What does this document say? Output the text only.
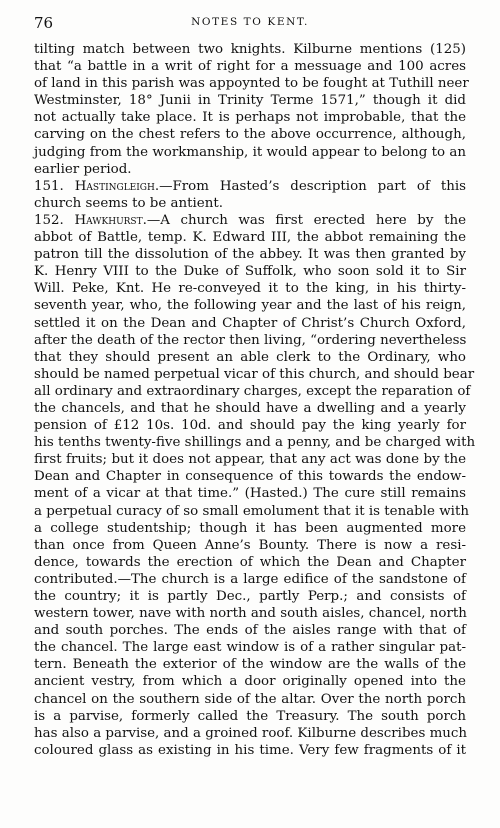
76	NOTES TO KENT.
tilting match between two knights. Kilburne mentions (125)
that “a battle in a writ of right for a messuage and 100 acres
of land in this parish was appoynted to be fought at Tuthill neer
Westminster, 18° Junii in Trinity Terme 1571,” though it did
not actually take place. It is perhaps not improbable, that the
carving on the chest refers to the above occurrence, although,
judging from the workmanship, it would appear to belong to an
earlier period.
151. Hastingleigh.—From Hasted’s description part of this
church seems to be antient.
152. Hawkhurst.—A church was first erected here by the
abbot of Battle, temp. K. Edward III, the abbot remaining the
patron till the dissolution of the abbey. It was then granted by
K. Henry VIII to the Duke of Suffolk, who soon sold it to Sir
Will. Peke, Knt. He re-conveyed it to the king, in his thirty-
seventh year, who, the following year and the last of his reign,
settled it on the Dean and Chapter of Christ’s Church Oxford,
after the death of the rector then living, “ordering nevertheless
that they should present an able clerk to the Ordinary, who
should be named perpetual vicar of this church, and should bear
all ordinary and extraordinary charges, except the reparation of
the chancels, and that he should have a dwelling and a yearly
pension of £12 10s. 10d. and should pay the king yearly for
his tenths twenty-five shillings and a penny, and be charged with
first fruits; but it does not appear, that any act was done by the
Dean and Chapter in consequence of this towards the endow-
ment of a vicar at that time.” (Hasted.) The cure still remains
a perpetual curacy of so small emolument that it is tenable with
a college studentship; though it has been augmented more
than once from Queen Anne’s Bounty. There is now a resi-
dence, towards the erection of which the Dean and Chapter
contributed.—The church is a large edifice of the sandstone of
the country; it is partly Dec., partly Perp.; and consists of
western tower, nave with north and south aisles, chancel, north
and south porches. The ends of the aisles range with that of
the chancel. The large east window is of a rather singular pat-
tern. Beneath the exterior of the window are the walls of the
ancient vestry, from which a door originally opened into the
chancel on the southern side of the altar. Over the north porch
is a parvise, formerly called the Treasury. The south porch
has also a parvise, and a groined roof. Kilburne describes much
coloured glass as existing in his time. Very few fragments of it
